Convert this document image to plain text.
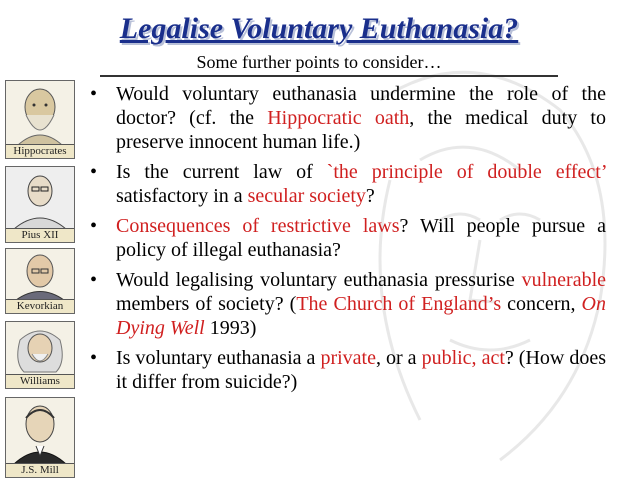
Legalise Voluntary Euthanasia?
Some further points to consider…
Hippocrates
Pius XII
Kevorkian
Williams
J.S. Mill
• Would voluntary euthanasia undermine the role of the doctor? (cf. the Hippocratic oath, the medical duty to preserve innocent human life.)
• Is the current law of `the principle of double effect’ satisfactory in a secular society?
• Consequences of restrictive laws? Will people pursue a policy of illegal euthanasia?
• Would legalising voluntary euthanasia pressurise vulnerable members of society? (The Church of England’s concern, On Dying Well 1993)
• Is voluntary euthanasia a private, or a public, act? (How does it differ from suicide?)
